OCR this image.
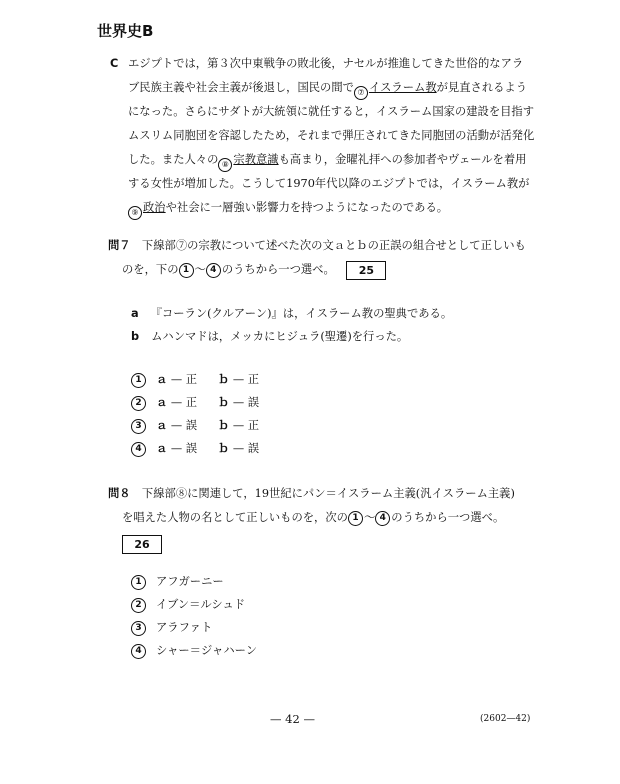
世界史B
C エジプトでは，第３次中東戦争の敗北後，ナセルが推進してきた世俗的なアラ
ブ民族主義や社会主義が後退し，国民の間で ⑦ イスラーム教が見直されるよう
になった。さらにサダトが大統領に就任すると，イスラーム国家の建設を目指す
ムスリム同胞団を容認したため，それまで弾圧されてきた同胞団の活動が活発化
した。また人々の ⑧ 宗教意識も高まり，金曜礼拝への参加者やヴェールを着用
する女性が増加した。こうして1970年代以降のエジプトでは，イスラーム教が
⑨ 政治や社会に一層強い影響力を持つようになったのである。
問７　 下線部⑦の宗教について述べた次の文ａとｂの正誤の組合せとして正しいも
のを，下の 1 〜 4 のうちから一つ選べ。 25
a 『コーラン(クルアーン)』は，イスラーム教の聖典である。
b ムハンマドは，メッカにヒジュラ(聖遷)を行った。
1 ａ — 正 ｂ — 正
2 ａ — 正 ｂ — 誤
3 ａ — 誤 ｂ — 正
4 ａ — 誤 ｂ — 誤
問８　 下線部⑧に関連して，19世紀にパン＝イスラーム主義(汎イスラーム主義)
を唱えた人物の名として正しいものを，次の 1 〜 4 のうちから一つ選べ。
26
1 アフガーニー
2 イブン＝ルシュド
3 アラファト
4 シャー＝ジャハーン
— 42 —	(2602—42)
